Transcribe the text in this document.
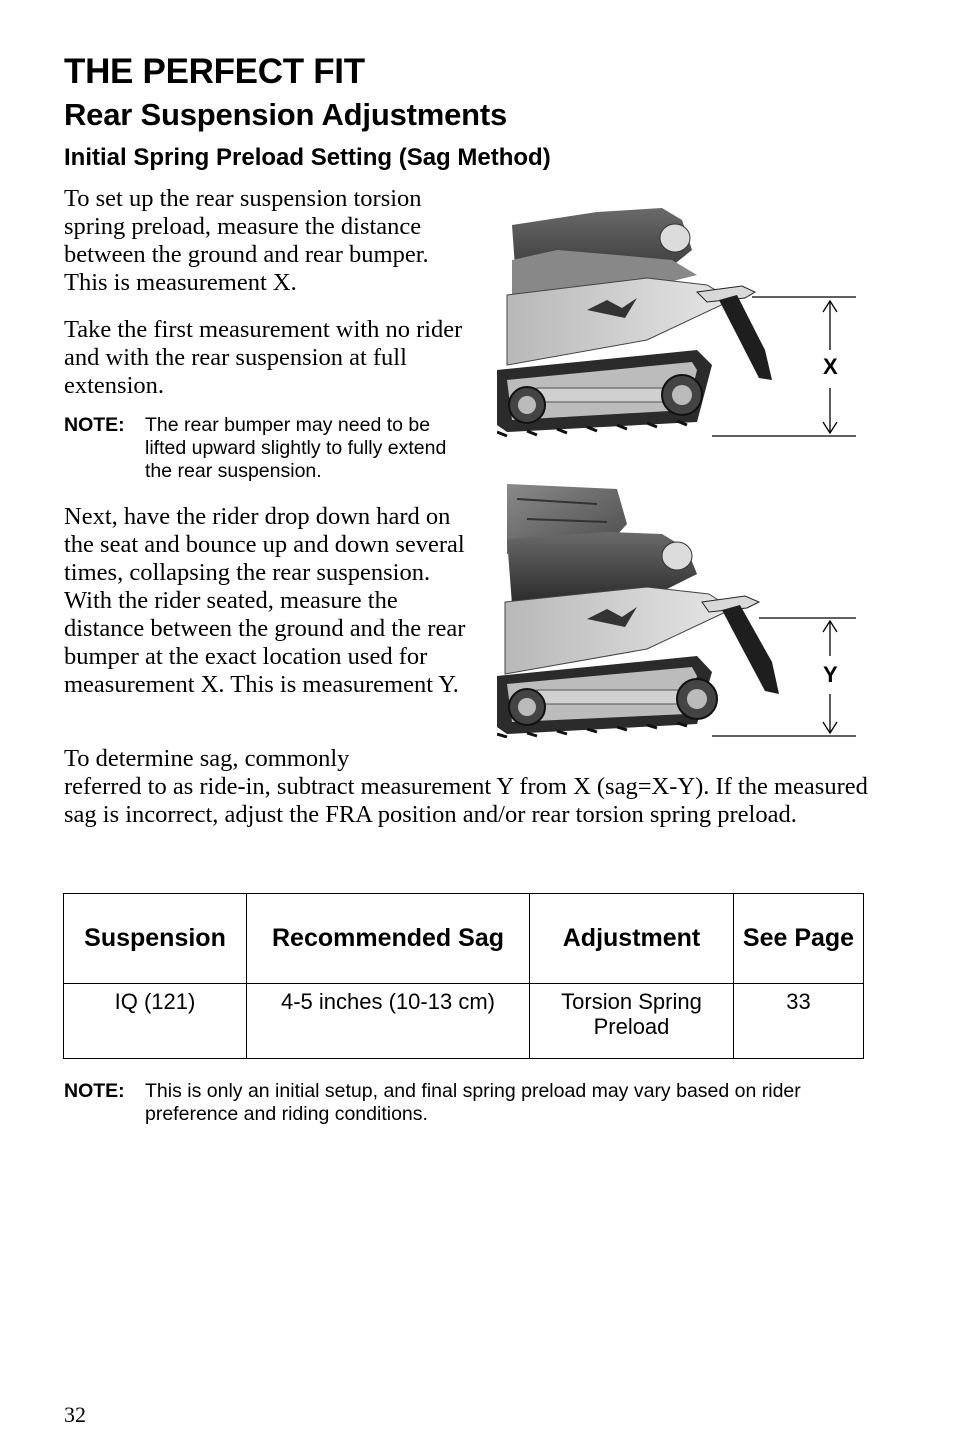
THE PERFECT FIT
Rear Suspension Adjustments
Initial Spring Preload Setting (Sag Method)
To set up the rear suspension torsion spring preload, measure the distance between the ground and rear bumper. This is measurement X.
Take the first measurement with no rider and with the rear suspension at full extension.
NOTE: The rear bumper may need to be lifted upward slightly to fully extend the rear suspension.
Next, have the rider drop down hard on the seat and bounce up and down several times, collapsing the rear suspension. With the rider seated, measure the distance between the ground and the rear bumper at the exact location used for measurement X. This is measurement Y.
To determine sag, commonly
referred to as ride-in, subtract measurement Y from X (sag=X-Y). If the measured sag is incorrect, adjust the FRA position and/or rear torsion spring preload.
X
Y
Suspension	Recommended Sag	Adjustment	See Page
IQ (121)	4-5 inches (10-13 cm)	Torsion Spring Preload	33
NOTE: This is only an initial setup, and final spring preload may vary based on rider preference and riding conditions.
32
